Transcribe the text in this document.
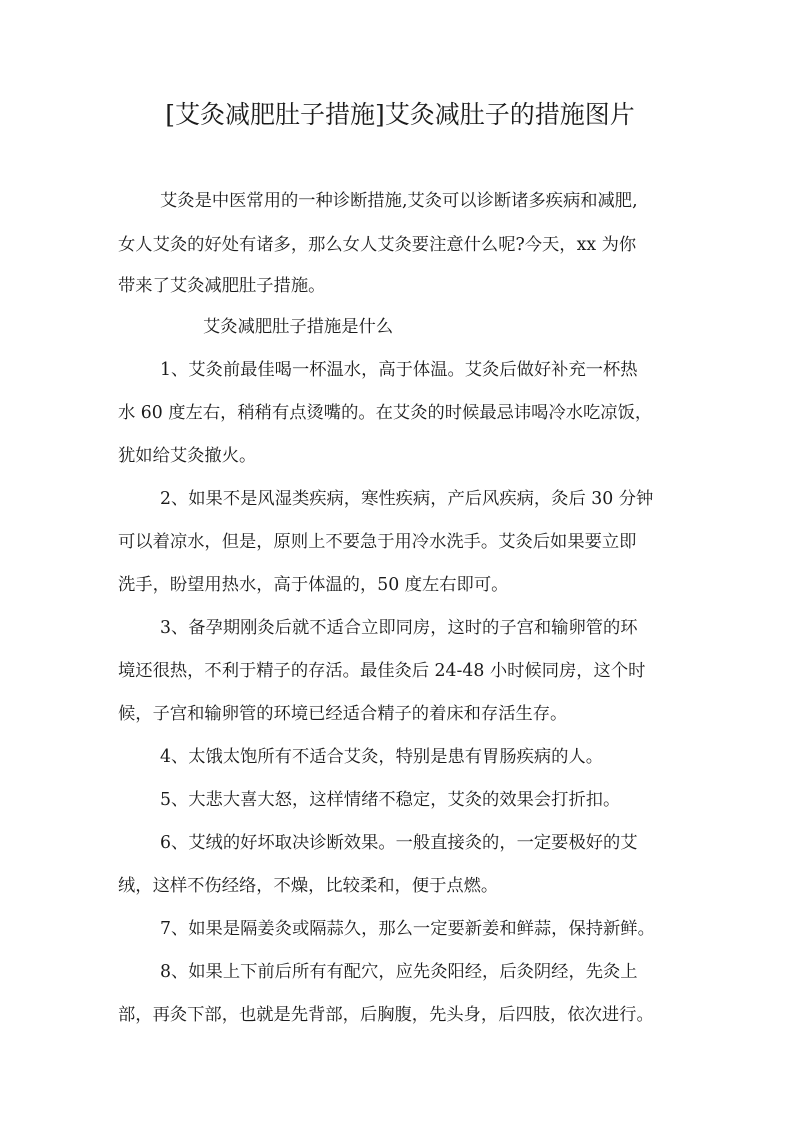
[艾灸减肥肚子措施]艾灸减肚子的措施图片

艾灸是中医常用的一种诊断措施,艾灸可以诊断诸多疾病和减肥,

女人艾灸的好处有诸多，那么女人艾灸要注意什么呢?今天，xx 为你

带来了艾灸减肥肚子措施。

艾灸减肥肚子措施是什么

1、艾灸前最佳喝一杯温水，高于体温。艾灸后做好补充一杯热

水 60 度左右，稍稍有点烫嘴的。在艾灸的时候最忌讳喝冷水吃凉饭，

犹如给艾灸撤火。

2、如果不是风湿类疾病，寒性疾病，产后风疾病，灸后 30 分钟

可以着凉水，但是，原则上不要急于用冷水洗手。艾灸后如果要立即

洗手，盼望用热水，高于体温的，50 度左右即可。

3、备孕期刚灸后就不适合立即同房，这时的子宫和输卵管的环

境还很热，不利于精子的存活。最佳灸后 24-48 小时候同房，这个时

候，子宫和输卵管的环境已经适合精子的着床和存活生存。

4、太饿太饱所有不适合艾灸，特别是患有胃肠疾病的人。

5、大悲大喜大怒，这样情绪不稳定，艾灸的效果会打折扣。

6、艾绒的好坏取决诊断效果。一般直接灸的，一定要极好的艾

绒，这样不伤经络，不燥，比较柔和，便于点燃。

7、如果是隔姜灸或隔蒜久，那么一定要新姜和鲜蒜，保持新鲜。

8、如果上下前后所有有配穴，应先灸阳经，后灸阴经，先灸上

部，再灸下部，也就是先背部，后胸腹，先头身，后四肢，依次进行。
